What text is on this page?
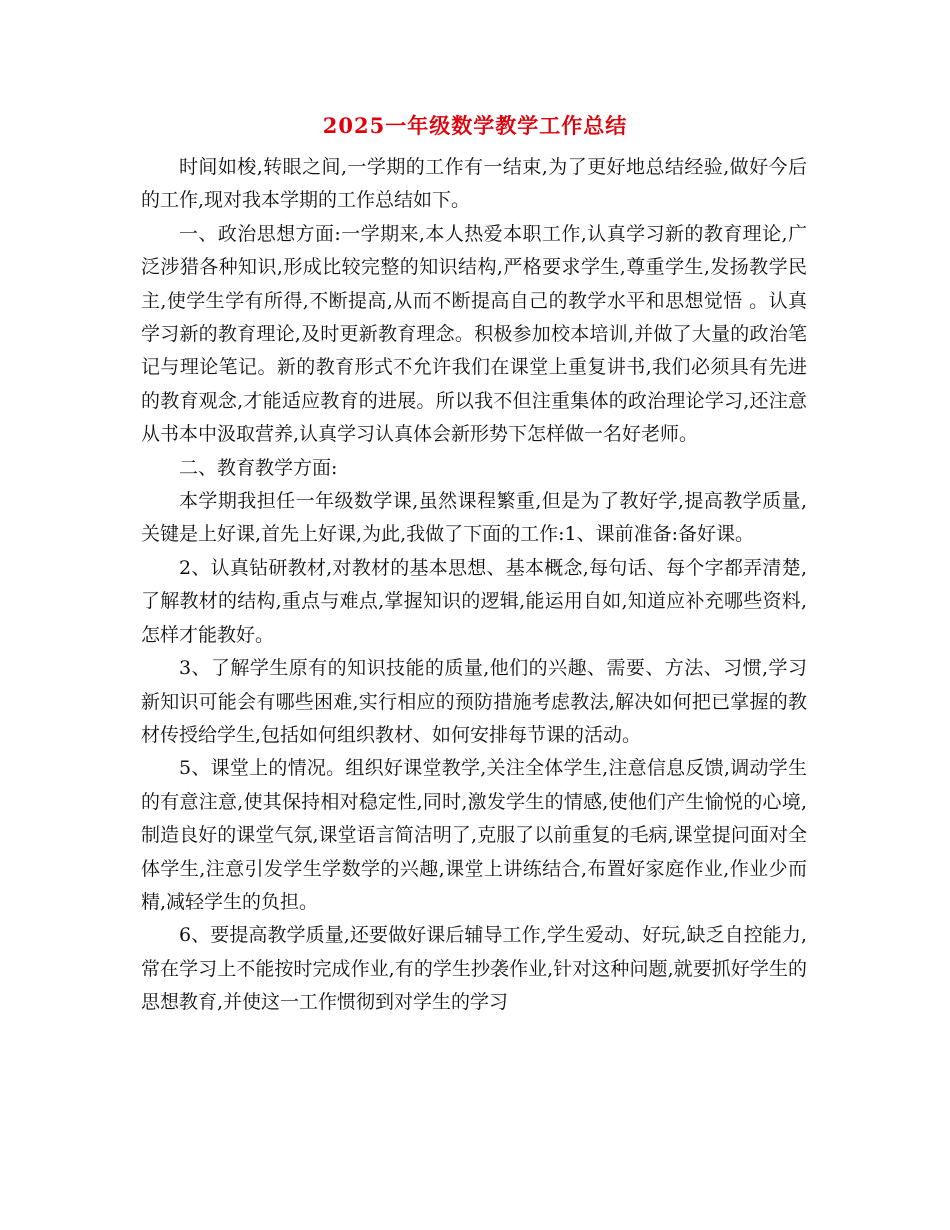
2025一年级数学教学工作总结

时间如梭,转眼之间,一学期的工作有一结束,为了更好地总结经验,做好今后的工作,现对我本学期的工作总结如下。

一、政治思想方面:一学期来,本人热爱本职工作,认真学习新的教育理论,广泛涉猎各种知识,形成比较完整的知识结构,严格要求学生,尊重学生,发扬教学民主,使学生学有所得,不断提高,从而不断提高自己的教学水平和思想觉悟 。认真学习新的教育理论,及时更新教育理念。积极参加校本培训,并做了大量的政治笔记与理论笔记。新的教育形式不允许我们在课堂上重复讲书,我们必须具有先进的教育观念,才能适应教育的进展。所以我不但注重集体的政治理论学习,还注意从书本中汲取营养,认真学习认真体会新形势下怎样做一名好老师。

二、教育教学方面:

本学期我担任一年级数学课,虽然课程繁重,但是为了教好学,提高教学质量,关键是上好课,首先上好课,为此,我做了下面的工作:1、课前准备:备好课。

2、认真钻研教材,对教材的基本思想、基本概念,每句话、每个字都弄清楚,了解教材的结构,重点与难点,掌握知识的逻辑,能运用自如,知道应补充哪些资料,怎样才能教好。

3、了解学生原有的知识技能的质量,他们的兴趣、需要、方法、习惯,学习新知识可能会有哪些困难,实行相应的预防措施考虑教法,解决如何把已掌握的教材传授给学生,包括如何组织教材、如何安排每节课的活动。

5、课堂上的情况。组织好课堂教学,关注全体学生,注意信息反馈,调动学生的有意注意,使其保持相对稳定性,同时,激发学生的情感,使他们产生愉悦的心境,制造良好的课堂气氛,课堂语言简洁明了,克服了以前重复的毛病,课堂提问面对全体学生,注意引发学生学数学的兴趣,课堂上讲练结合,布置好家庭作业,作业少而精,减轻学生的负担。

6、要提高教学质量,还要做好课后辅导工作,学生爱动、好玩,缺乏自控能力,常在学习上不能按时完成作业,有的学生抄袭作业,针对这种问题,就要抓好学生的思想教育,并使这一工作惯彻到对学生的学习
